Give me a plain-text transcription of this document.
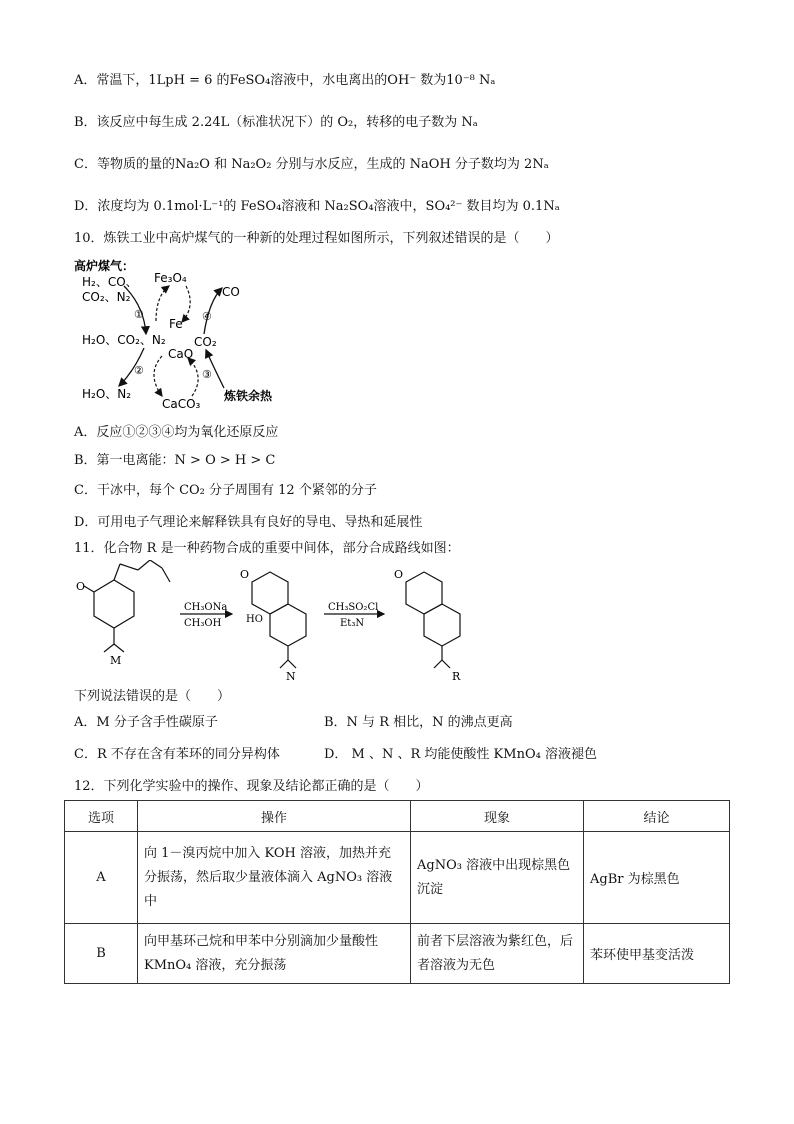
A．常温下，1LpH = 6 的FeSO₄溶液中，水电离出的OH⁻ 数为10⁻⁸ Nₐ
B．该反应中每生成 2.24L（标准状况下）的 O₂，转移的电子数为 Nₐ
C．等物质的量的Na₂O 和 Na₂O₂ 分别与水反应，生成的 NaOH 分子数均为 2Nₐ
D．浓度均为 0.1mol·L⁻¹的 FeSO₄溶液和 Na₂SO₄溶液中，SO₄²⁻ 数目均为 0.1Nₐ
10．炼铁工业中高炉煤气的一种新的处理过程如图所示，下列叙述错误的是（　　）
高炉煤气：
H₂、CO、
CO₂、N₂
Fe₃O₄
Fe
CO
CO₂
H₂O、CO₂、N₂
CaO
H₂O、N₂
CaCO₃
炼铁余热
①
②	③
④
A．反应①②③④均为氧化还原反应
B．第一电离能：N > O > H > C
C．干冰中，每个 CO₂ 分子周围有 12 个紧邻的分子
D．可用电子气理论来解释铁具有良好的导电、导热和延展性
11．化合物 R 是一种药物合成的重要中间体，部分合成路线如图：
O
M
CH₃ONa
CH₃OH
O
HO
N
CH₃SO₂Cl
Et₃N
O
R
下列说法错误的是（　　）
A．M 分子含手性碳原子	B．N 与 R 相比，N 的沸点更高
C．R 不存在含有苯环的同分异构体	D． M 、N 、R 均能使酸性 KMnO₄ 溶液褪色
12．下列化学实验中的操作、现象及结论都正确的是（　　）
选项	操作	现象	结论
A	向 1－溴丙烷中加入 KOH 溶液，加热并充分振荡，然后取少量液体滴入 AgNO₃ 溶液中	AgNO₃ 溶液中出现棕黑色沉淀	AgBr 为棕黑色
B	向甲基环己烷和甲苯中分别滴加少量酸性 KMnO₄ 溶液，充分振荡	前者下层溶液为紫红色，后者溶液为无色	苯环使甲基变活泼
